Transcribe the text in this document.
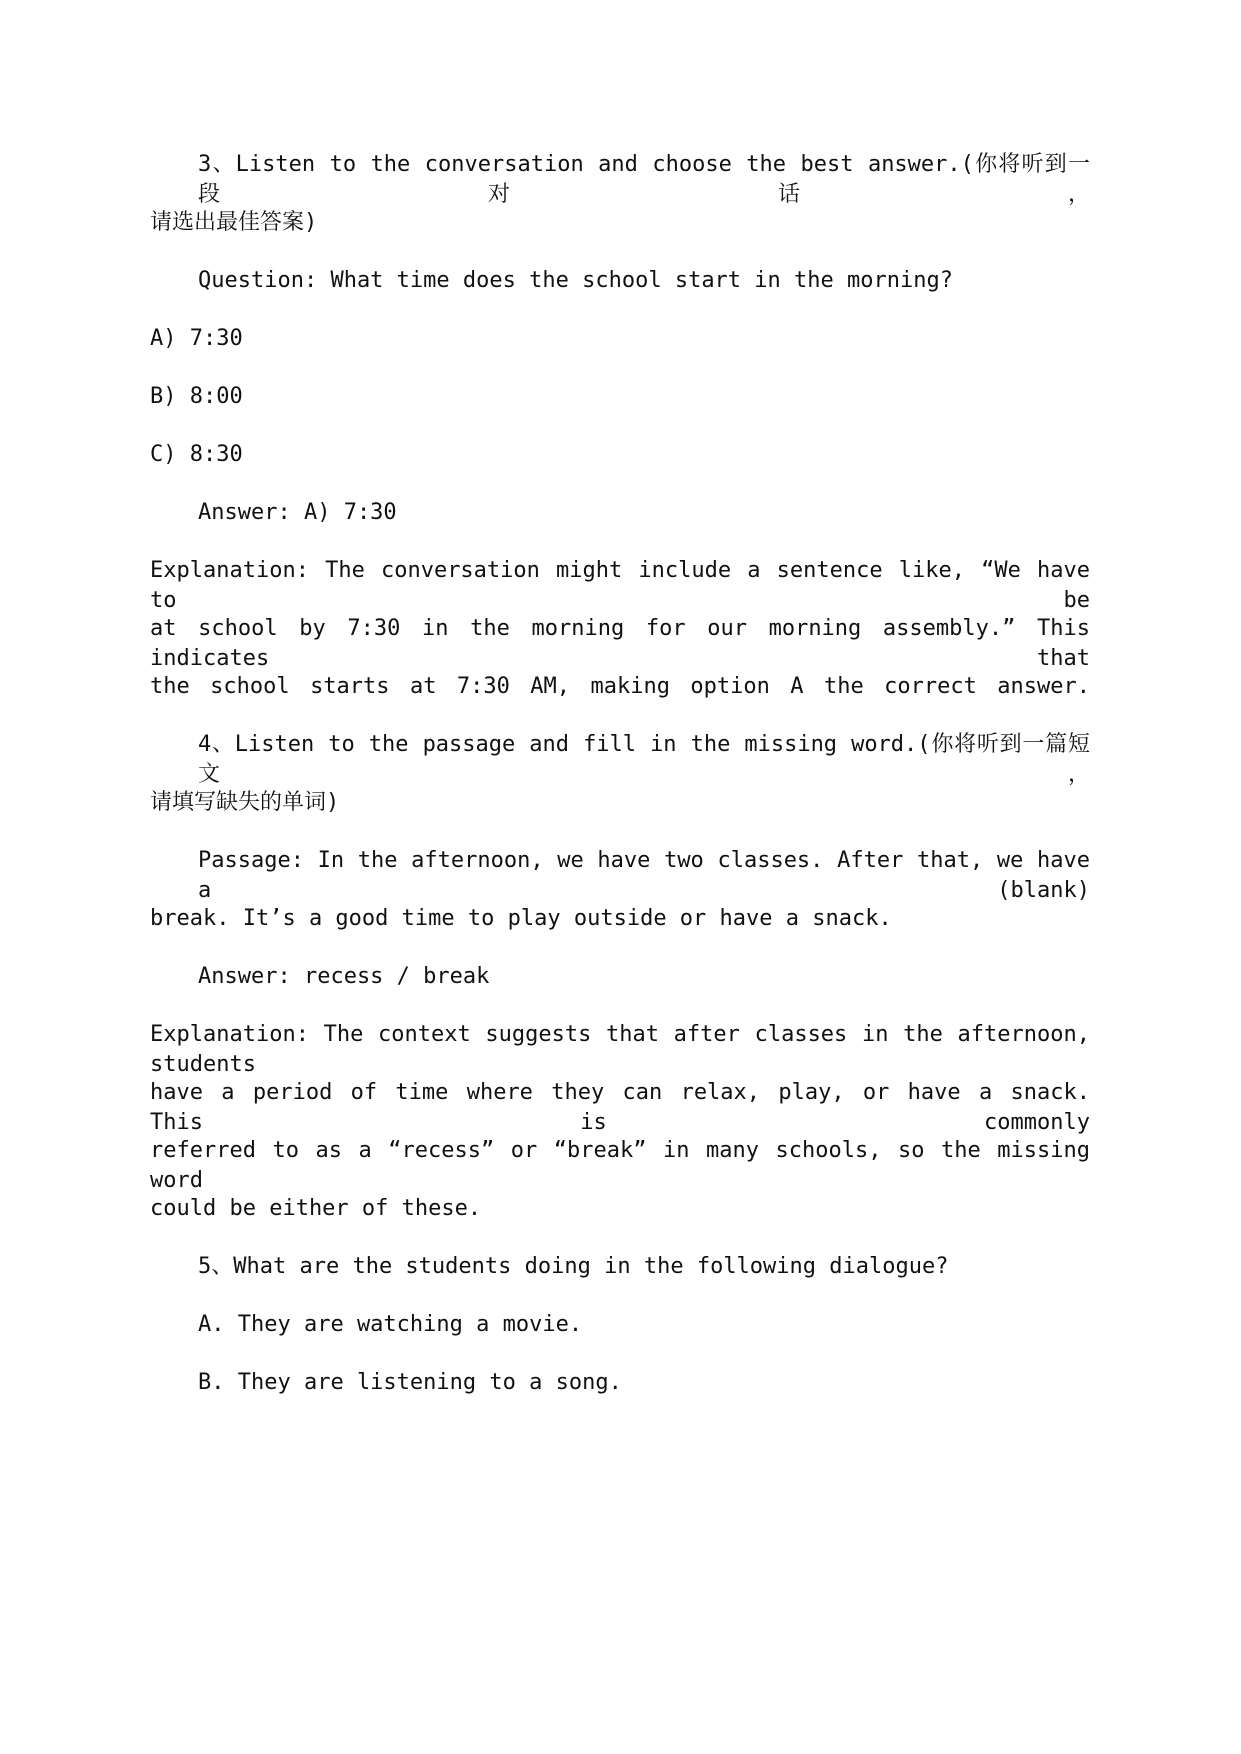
3、Listen to the conversation and choose the best answer.(你将听到一段对话，
请选出最佳答案)
Question: What time does the school start in the morning?
A) 7:30
B) 8:00
C) 8:30
Answer: A) 7:30
Explanation: The conversation might include a sentence like, “We have to be
at school by 7:30 in the morning for our morning assembly.” This indicates that
the school starts at 7:30 AM, making option A the correct answer.
4、Listen to the passage and fill in the missing word.(你将听到一篇短文，
请填写缺失的单词)
Passage: In the afternoon, we have two classes. After that, we have a (blank)
break. It’s a good time to play outside or have a snack.
Answer: recess / break
Explanation: The context suggests that after classes in the afternoon, students
have a period of time where they can relax, play, or have a snack. This is commonly
referred to as a “recess” or “break” in many schools, so the missing word
could be either of these.
5、What are the students doing in the following dialogue?
A. They are watching a movie.
B. They are listening to a song.
